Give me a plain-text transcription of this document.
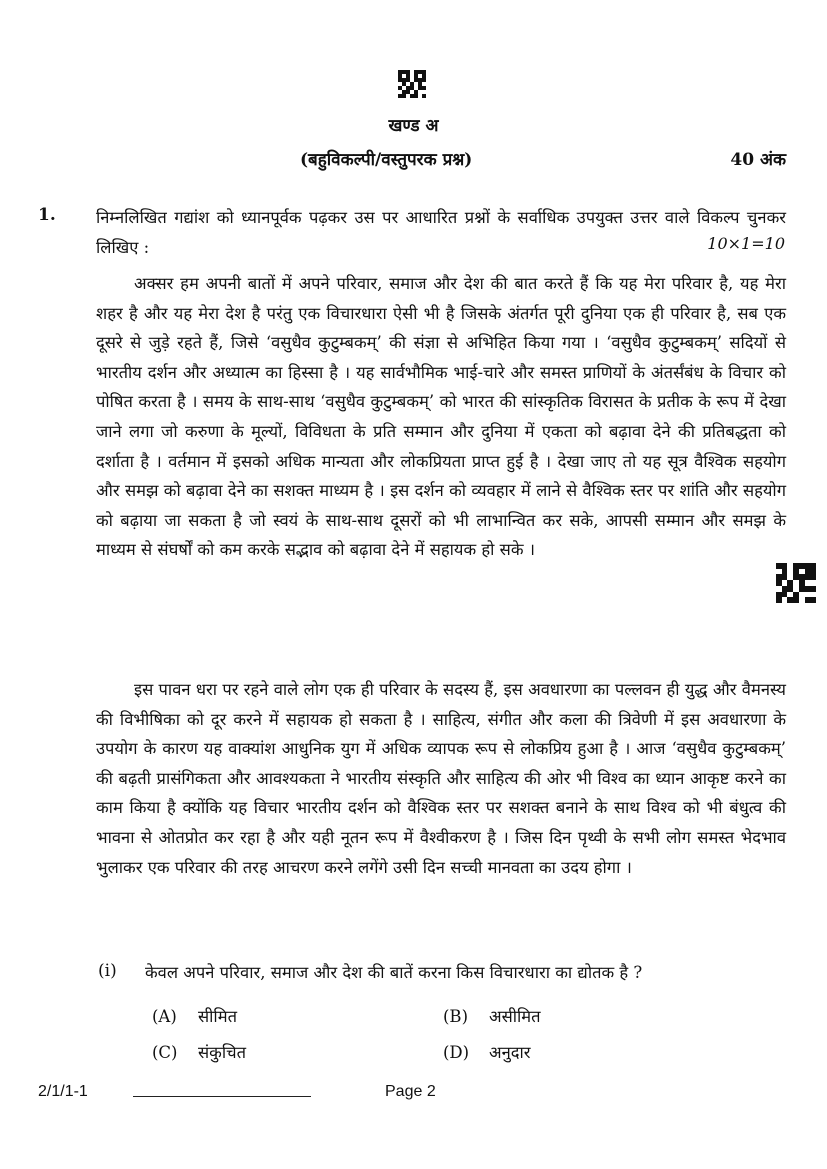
खण्ड अ
(बहुविकल्पी/वस्तुपरक प्रश्न)	40 अंक
1. निम्नलिखित गद्यांश को ध्यानपूर्वक पढ़कर उस पर आधारित प्रश्नों के सर्वाधिक उपयुक्त उत्तर वाले विकल्प चुनकर लिखिए :	10×1=10
अक्सर हम अपनी बातों में अपने परिवार, समाज और देश की बात करते हैं कि यह मेरा परिवार है, यह मेरा शहर है और यह मेरा देश है परंतु एक विचारधारा ऐसी भी है जिसके अंतर्गत पूरी दुनिया एक ही परिवार है, सब एक दूसरे से जुड़े रहते हैं, जिसे ‘वसुधैव कुटुम्बकम्’ की संज्ञा से अभिहित किया गया । ‘वसुधैव कुटुम्बकम्’ सदियों से भारतीय दर्शन और अध्यात्म का हिस्सा है । यह सार्वभौमिक भाई-चारे और समस्त प्राणियों के अंतर्संबंध के विचार को पोषित करता है । समय के साथ-साथ ‘वसुधैव कुटुम्बकम्’ को भारत की सांस्कृतिक विरासत के प्रतीक के रूप में देखा जाने लगा जो करुणा के मूल्यों, विविधता के प्रति सम्मान और दुनिया में एकता को बढ़ावा देने की प्रतिबद्धता को दर्शाता है । वर्तमान में इसको अधिक मान्यता और लोकप्रियता प्राप्त हुई है । देखा जाए तो यह सूत्र वैश्विक सहयोग और समझ को बढ़ावा देने का सशक्त माध्यम है । इस दर्शन को व्यवहार में लाने से वैश्विक स्तर पर शांति और सहयोग को बढ़ाया जा सकता है जो स्वयं के साथ-साथ दूसरों को भी लाभान्वित कर सके, आपसी सम्मान और समझ के माध्यम से संघर्षों को कम करके सद्भाव को बढ़ावा देने में सहायक हो सके ।
इस पावन धरा पर रहने वाले लोग एक ही परिवार के सदस्य हैं, इस अवधारणा का पल्लवन ही युद्ध और वैमनस्य की विभीषिका को दूर करने में सहायक हो सकता है । साहित्य, संगीत और कला की त्रिवेणी में इस अवधारणा के उपयोग के कारण यह वाक्यांश आधुनिक युग में अधिक व्यापक रूप से लोकप्रिय हुआ है । आज ‘वसुधैव कुटुम्बकम्’ की बढ़ती प्रासंगिकता और आवश्यकता ने भारतीय संस्कृति और साहित्य की ओर भी विश्व का ध्यान आकृष्ट करने का काम किया है क्योंकि यह विचार भारतीय दर्शन को वैश्विक स्तर पर सशक्त बनाने के साथ विश्व को भी बंधुत्व की भावना से ओतप्रोत कर रहा है और यही नूतन रूप में वैश्वीकरण है । जिस दिन पृथ्वी के सभी लोग समस्त भेदभाव भुलाकर एक परिवार की तरह आचरण करने लगेंगे उसी दिन सच्ची मानवता का उदय होगा ।
(i) केवल अपने परिवार, समाज और देश की बातें करना किस विचारधारा का द्योतक है ?
(A) सीमित	(B) असीमित
(C) संकुचित	(D) अनुदार
2/1/1-1	Page 2
